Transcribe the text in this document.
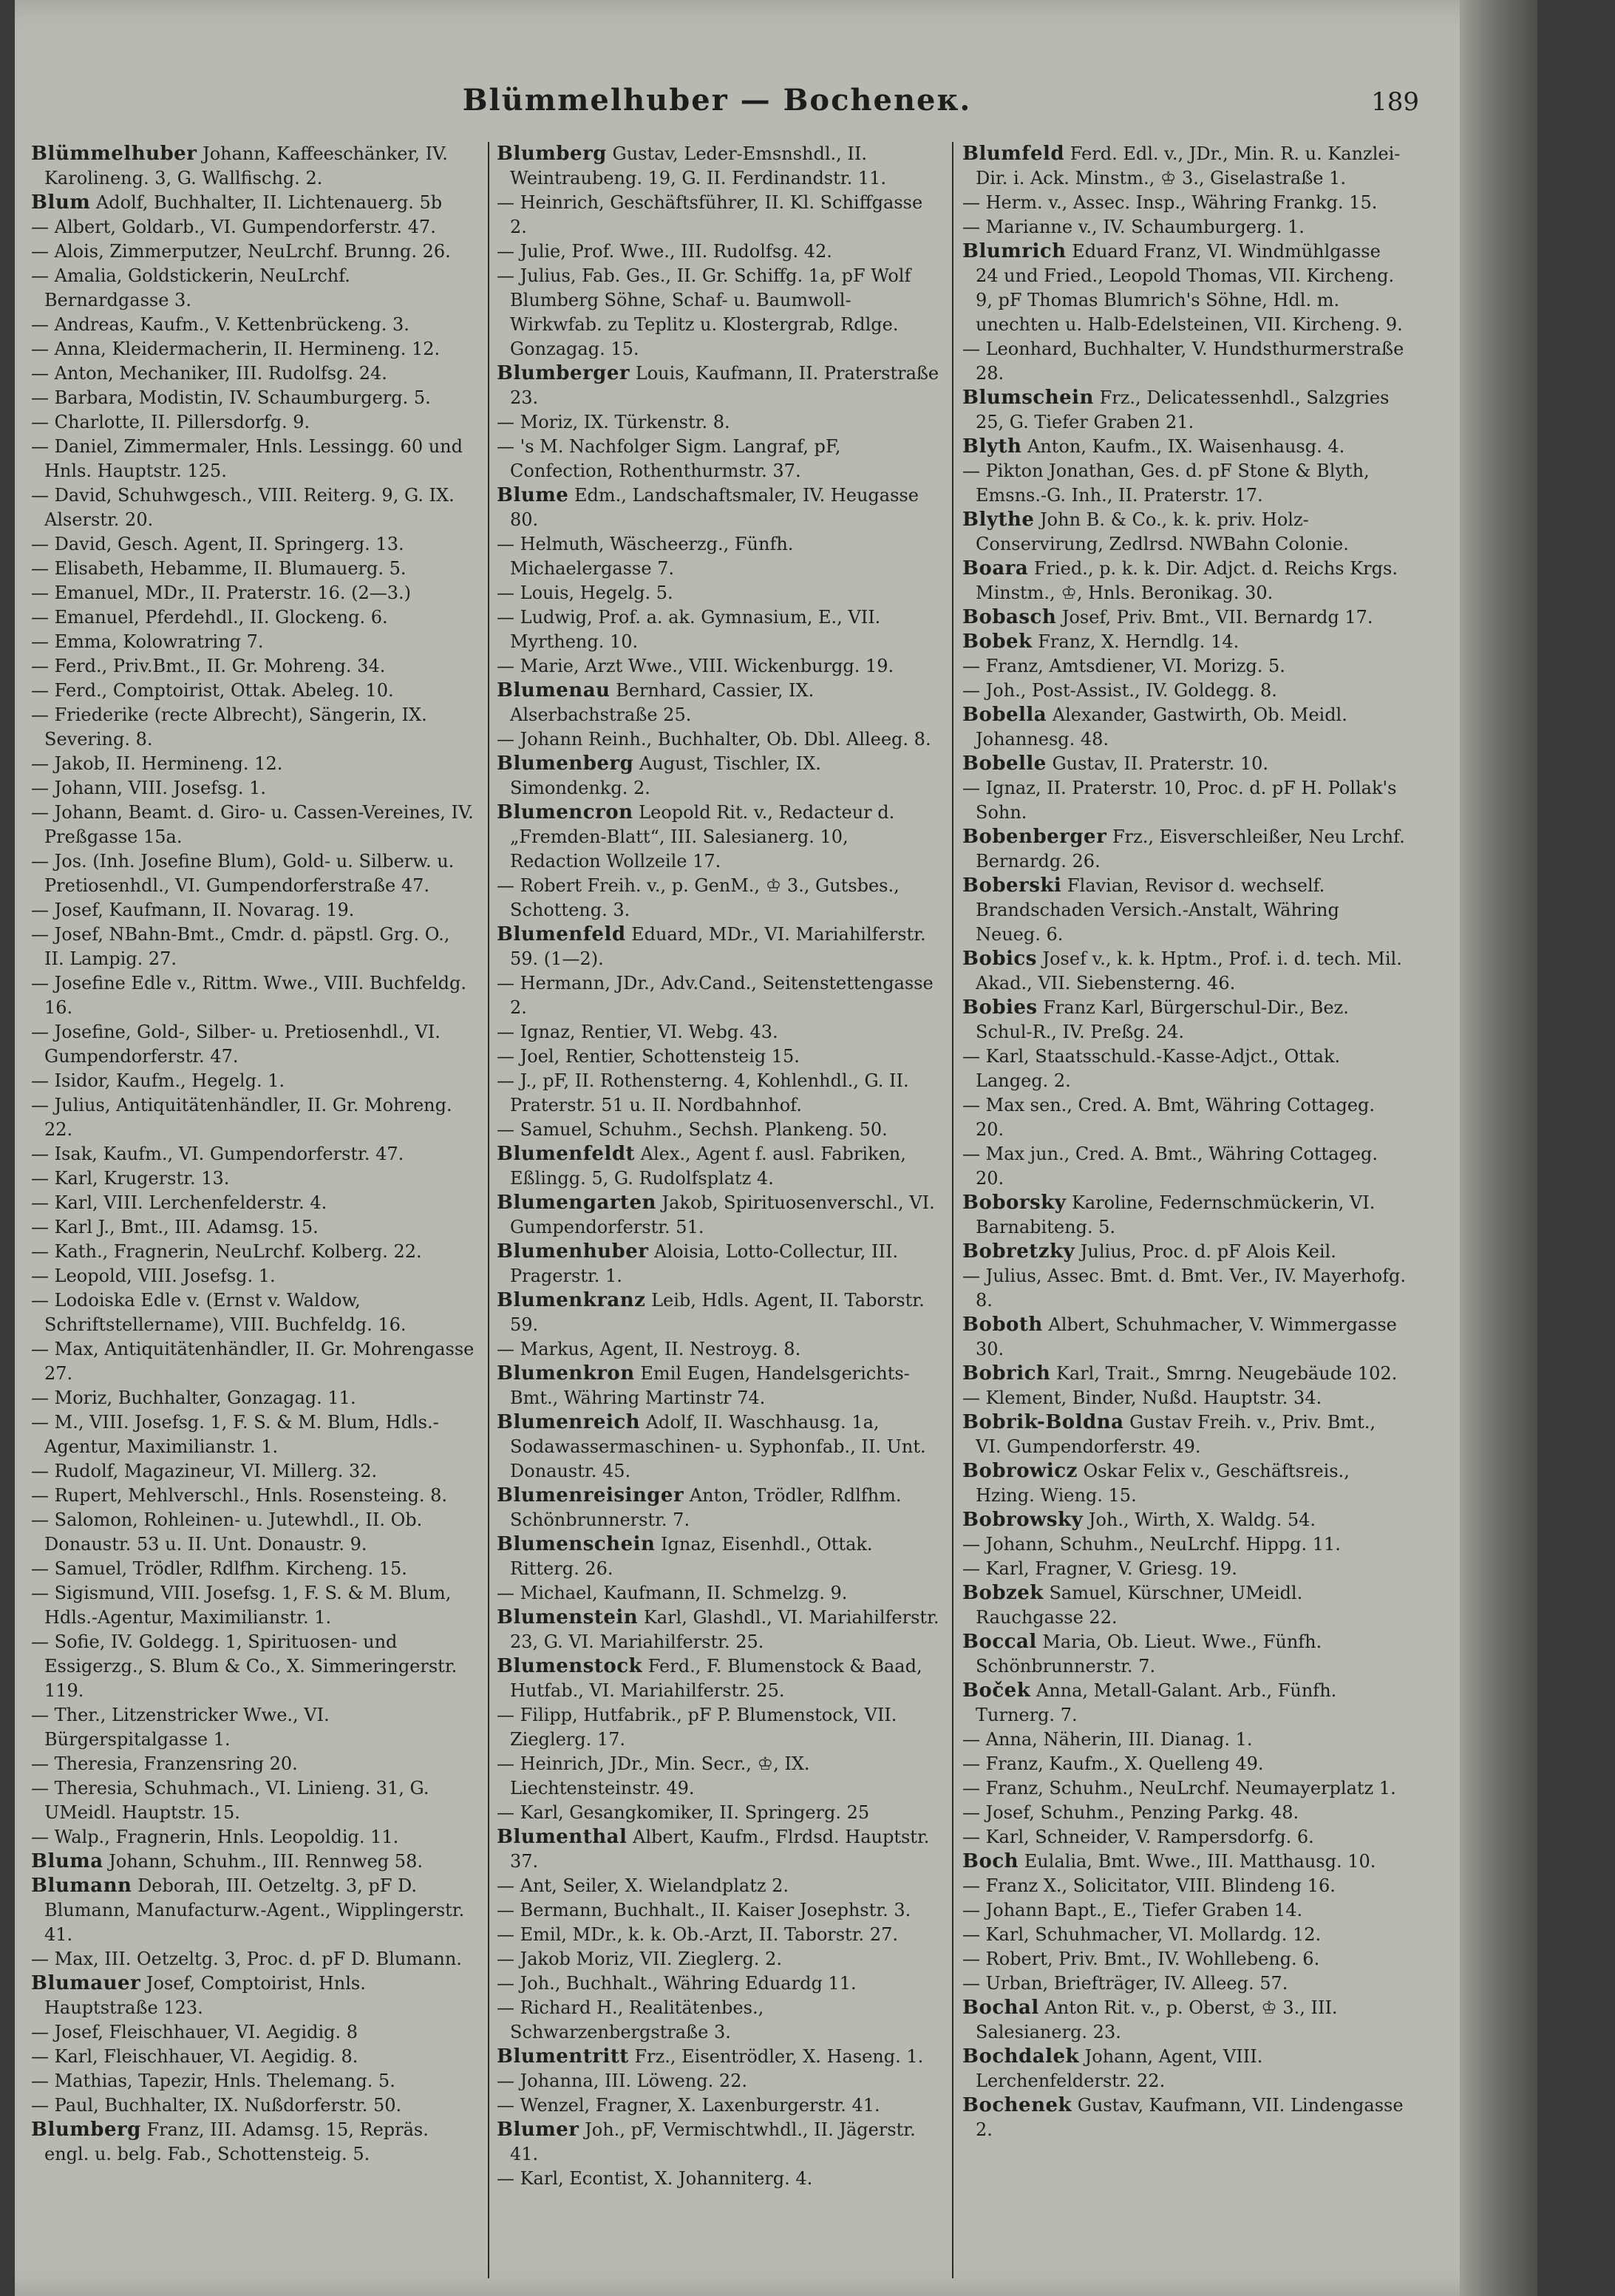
Blümmelhuber — Bocheneк.	189

Blümmelhuber Johann, Kaffeeschänker, IV. Karolineng. 3, G. Wallfischg. 2.

Blum Adolf, Buchhalter, II. Lichtenauerg. 5b

— Albert, Goldarb., VI. Gumpendorferstr. 47.

— Alois, Zimmerputzer, NeuLrchf. Brunng. 26.

— Amalia, Goldstickerin, NeuLrchf. Bernardgasse 3.

— Andreas, Kaufm., V. Kettenbrückeng. 3.

— Anna, Kleidermacherin, II. Hermineng. 12.

— Anton, Mechaniker, III. Rudolfsg. 24.

— Barbara, Modistin, IV. Schaumburgerg. 5.

— Charlotte, II. Pillersdorfg. 9.

— Daniel, Zimmermaler, Hnls. Lessingg. 60 und Hnls. Hauptstr. 125.

— David, Schuhwgesch., VIII. Reiterg. 9, G. IX. Alserstr. 20.

— David, Gesch. Agent, II. Springerg. 13.

— Elisabeth, Hebamme, II. Blumauerg. 5.

— Emanuel, MDr., II. Praterstr. 16. (2—3.)

— Emanuel, Pferdehdl., II. Glockeng. 6.

— Emma, Kolowratring 7.

— Ferd., Priv.Bmt., II. Gr. Mohreng. 34.

— Ferd., Comptoirist, Ottak. Abeleg. 10.

— Friederike (recte Albrecht), Sängerin, IX. Severing. 8.

— Jakob, II. Hermineng. 12.

— Johann, VIII. Josefsg. 1.

— Johann, Beamt. d. Giro- u. Cassen-Vereines, IV. Preßgasse 15a.

— Jos. (Inh. Josefine Blum), Gold- u. Silberw. u. Pretiosenhdl., VI. Gumpendorferstraße 47.

— Josef, Kaufmann, II. Novarag. 19.

— Josef, NBahn-Bmt., Cmdr. d. päpstl. Grg. O., II. Lampig. 27.

— Josefine Edle v., Rittm. Wwe., VIII. Buchfeldg. 16.

— Josefine, Gold-, Silber- u. Pretiosenhdl., VI. Gumpendorferstr. 47.

— Isidor, Kaufm., Hegelg. 1.

— Julius, Antiquitätenhändler, II. Gr. Mohreng. 22.

— Isak, Kaufm., VI. Gumpendorferstr. 47.

— Karl, Krugerstr. 13.

— Karl, VIII. Lerchenfelderstr. 4.

— Karl J., Bmt., III. Adamsg. 15.

— Kath., Fragnerin, NeuLrchf. Kolberg. 22.

— Leopold, VIII. Josefsg. 1.

— Lodoiska Edle v. (Ernst v. Waldow, Schriftstellername), VIII. Buchfeldg. 16.

— Max, Antiquitätenhändler, II. Gr. Mohrengasse 27.

— Moriz, Buchhalter, Gonzagag. 11.

— M., VIII. Josefsg. 1, F. S. & M. Blum, Hdls.-Agentur, Maximilianstr. 1.

— Rudolf, Magazineur, VI. Millerg. 32.

— Rupert, Mehlverschl., Hnls. Rosensteing. 8.

— Salomon, Rohleinen- u. Jutewhdl., II. Ob. Donaustr. 53 u. II. Unt. Donaustr. 9.

— Samuel, Trödler, Rdlfhm. Kircheng. 15.

— Sigismund, VIII. Josefsg. 1, F. S. & M. Blum, Hdls.-Agentur, Maximilianstr. 1.

— Sofie, IV. Goldegg. 1, Spirituosen- und Essigerzg., S. Blum & Co., X. Simmeringerstr. 119.

— Ther., Litzenstricker Wwe., VI. Bürgerspitalgasse 1.

— Theresia, Franzensring 20.

— Theresia, Schuhmach., VI. Linieng. 31, G. UMeidl. Hauptstr. 15.

— Walp., Fragnerin, Hnls. Leopoldig. 11.

Bluma Johann, Schuhm., III. Rennweg 58.

Blumann Deborah, III. Oetzeltg. 3, pF D. Blumann, Manufacturw.-Agent., Wipplingerstr. 41.

— Max, III. Oetzeltg. 3, Proc. d. pF D. Blumann.

Blumauer Josef, Comptoirist, Hnls. Hauptstraße 123.

— Josef, Fleischhauer, VI. Aegidig. 8

— Karl, Fleischhauer, VI. Aegidig. 8.

— Mathias, Tapezir, Hnls. Thelemang. 5.

— Paul, Buchhalter, IX. Nußdorferstr. 50.

Blumberg Franz, III. Adamsg. 15, Repräs. engl. u. belg. Fab., Schottensteig. 5.

Blumberg Gustav, Leder-Emsnshdl., II. Weintraubeng. 19, G. II. Ferdinandstr. 11.

— Heinrich, Geschäftsführer, II. Kl. Schiffgasse 2.

— Julie, Prof. Wwe., III. Rudolfsg. 42.

— Julius, Fab. Ges., II. Gr. Schiffg. 1a, pF Wolf Blumberg Söhne, Schaf- u. Baumwoll-Wirkwfab. zu Teplitz u. Klostergrab, Rdlge. Gonzagag. 15.

Blumberger Louis, Kaufmann, II. Praterstraße 23.

— Moriz, IX. Türkenstr. 8.

— 's M. Nachfolger Sigm. Langraf, pF, Confection, Rothenthurmstr. 37.

Blume Edm., Landschaftsmaler, IV. Heugasse 80.

— Helmuth, Wäscheerzg., Fünfh. Michaelergasse 7.

— Louis, Hegelg. 5.

— Ludwig, Prof. a. ak. Gymnasium, E., VII. Myrtheng. 10.

— Marie, Arzt Wwe., VIII. Wickenburgg. 19.

Blumenau Bernhard, Cassier, IX. Alserbachstraße 25.

— Johann Reinh., Buchhalter, Ob. Dbl. Alleeg. 8.

Blumenberg August, Tischler, IX. Simondenkg. 2.

Blumencron Leopold Rit. v., Redacteur d. „Fremden-Blatt“, III. Salesianerg. 10, Redaction Wollzeile 17.

— Robert Freih. v., p. GenM., ♔ 3., Gutsbes., Schotteng. 3.

Blumenfeld Eduard, MDr., VI. Mariahilferstr. 59. (1—2).

— Hermann, JDr., Adv.Cand., Seitenstettengasse 2.

— Ignaz, Rentier, VI. Webg. 43.

— Joel, Rentier, Schottensteig 15.

— J., pF, II. Rothensterng. 4, Kohlenhdl., G. II. Praterstr. 51 u. II. Nordbahnhof.

— Samuel, Schuhm., Sechsh. Plankeng. 50.

Blumenfeldt Alex., Agent f. ausl. Fabriken, Eßlingg. 5, G. Rudolfsplatz 4.

Blumengarten Jakob, Spirituosenverschl., VI. Gumpendorferstr. 51.

Blumenhuber Aloisia, Lotto-Collectur, III. Pragerstr. 1.

Blumenkranz Leib, Hdls. Agent, II. Taborstr. 59.

— Markus, Agent, II. Nestroyg. 8.

Blumenkron Emil Eugen, Handelsgerichts-Bmt., Währing Martinstr 74.

Blumenreich Adolf, II. Waschhausg. 1a, Sodawassermaschinen- u. Syphonfab., II. Unt. Donaustr. 45.

Blumenreisinger Anton, Trödler, Rdlfhm. Schönbrunnerstr. 7.

Blumenschein Ignaz, Eisenhdl., Ottak. Ritterg. 26.

— Michael, Kaufmann, II. Schmelzg. 9.

Blumenstein Karl, Glashdl., VI. Mariahilferstr. 23, G. VI. Mariahilferstr. 25.

Blumenstock Ferd., F. Blumenstock & Baad, Hutfab., VI. Mariahilferstr. 25.

— Filipp, Hutfabrik., pF P. Blumenstock, VII. Zieglerg. 17.

— Heinrich, JDr., Min. Secr., ♔, IX. Liechtensteinstr. 49.

— Karl, Gesangkomiker, II. Springerg. 25

Blumenthal Albert, Kaufm., Flrdsd. Hauptstr. 37.

— Ant, Seiler, X. Wielandplatz 2.

— Bermann, Buchhalt., II. Kaiser Josephstr. 3.

— Emil, MDr., k. k. Ob.-Arzt, II. Taborstr. 27.

— Jakob Moriz, VII. Zieglerg. 2.

— Joh., Buchhalt., Währing Eduardg 11.

— Richard H., Realitätenbes., Schwarzenbergstraße 3.

Blumentritt Frz., Eisentrödler, X. Haseng. 1.

— Johanna, III. Löweng. 22.

— Wenzel, Fragner, X. Laxenburgerstr. 41.

Blumer Joh., pF, Vermischtwhdl., II. Jägerstr. 41.

— Karl, Econtist, X. Johanniterg. 4.

Blumfeld Ferd. Edl. v., JDr., Min. R. u. Kanzlei-Dir. i. Ack. Minstm., ♔ 3., Giselastraße 1.

— Herm. v., Assec. Insp., Währing Frankg. 15.

— Marianne v., IV. Schaumburgerg. 1.

Blumrich Eduard Franz, VI. Windmühlgasse 24 und Fried., Leopold Thomas, VII. Kircheng. 9, pF Thomas Blumrich's Söhne, Hdl. m. unechten u. Halb-Edelsteinen, VII. Kircheng. 9.

— Leonhard, Buchhalter, V. Hundsthurmerstraße 28.

Blumschein Frz., Delicatessenhdl., Salzgries 25, G. Tiefer Graben 21.

Blyth Anton, Kaufm., IX. Waisenhausg. 4.

— Pikton Jonathan, Ges. d. pF Stone & Blyth, Emsns.-G. Inh., II. Praterstr. 17.

Blythe John B. & Co., k. k. priv. Holz-Conservirung, Zedlrsd. NWBahn Colonie.

Boara Fried., p. k. k. Dir. Adjct. d. Reichs Krgs. Minstm., ♔, Hnls. Beronikag. 30.

Bobasch Josef, Priv. Bmt., VII. Bernardg 17.

Bobek Franz, X. Herndlg. 14.

— Franz, Amtsdiener, VI. Morizg. 5.

— Joh., Post-Assist., IV. Goldegg. 8.

Bobella Alexander, Gastwirth, Ob. Meidl. Johannesg. 48.

Bobelle Gustav, II. Praterstr. 10.

— Ignaz, II. Praterstr. 10, Proc. d. pF H. Pollak's Sohn.

Bobenberger Frz., Eisverschleißer, Neu Lrchf. Bernardg. 26.

Boberski Flavian, Revisor d. wechself. Brandschaden Versich.-Anstalt, Währing Neueg. 6.

Bobics Josef v., k. k. Hptm., Prof. i. d. tech. Mil. Akad., VII. Siebensterng. 46.

Bobies Franz Karl, Bürgerschul-Dir., Bez. Schul-R., IV. Preßg. 24.

— Karl, Staatsschuld.-Kasse-Adjct., Ottak. Langeg. 2.

— Max sen., Cred. A. Bmt, Währing Cottageg. 20.

— Max jun., Cred. A. Bmt., Währing Cottageg. 20.

Boborsky Karoline, Federnschmückerin, VI. Barnabiteng. 5.

Bobretzky Julius, Proc. d. pF Alois Keil.

— Julius, Assec. Bmt. d. Bmt. Ver., IV. Mayerhofg. 8.

Boboth Albert, Schuhmacher, V. Wimmergasse 30.

Bobrich Karl, Trait., Smrng. Neugebäude 102.

— Klement, Binder, Nußd. Hauptstr. 34.

Bobrik-Boldna Gustav Freih. v., Priv. Bmt., VI. Gumpendorferstr. 49.

Bobrowicz Oskar Felix v., Geschäftsreis., Hzing. Wieng. 15.

Bobrowsky Joh., Wirth, X. Waldg. 54.

— Johann, Schuhm., NeuLrchf. Hippg. 11.

— Karl, Fragner, V. Griesg. 19.

Bobzek Samuel, Kürschner, UMeidl. Rauchgasse 22.

Boccal Maria, Ob. Lieut. Wwe., Fünfh. Schönbrunnerstr. 7.

Boček Anna, Metall-Galant. Arb., Fünfh. Turnerg. 7.

— Anna, Näherin, III. Dianag. 1.

— Franz, Kaufm., X. Quelleng 49.

— Franz, Schuhm., NeuLrchf. Neumayerplatz 1.

— Josef, Schuhm., Penzing Parkg. 48.

— Karl, Schneider, V. Rampersdorfg. 6.

Boch Eulalia, Bmt. Wwe., III. Matthausg. 10.

— Franz X., Solicitator, VIII. Blindeng 16.

— Johann Bapt., E., Tiefer Graben 14.

— Karl, Schuhmacher, VI. Mollardg. 12.

— Robert, Priv. Bmt., IV. Wohllebeng. 6.

— Urban, Briefträger, IV. Alleeg. 57.

Bochal Anton Rit. v., p. Oberst, ♔ 3., III. Salesianerg. 23.

Bochdalek Johann, Agent, VIII. Lerchenfelderstr. 22.

Bochenek Gustav, Kaufmann, VII. Lindengasse 2.
